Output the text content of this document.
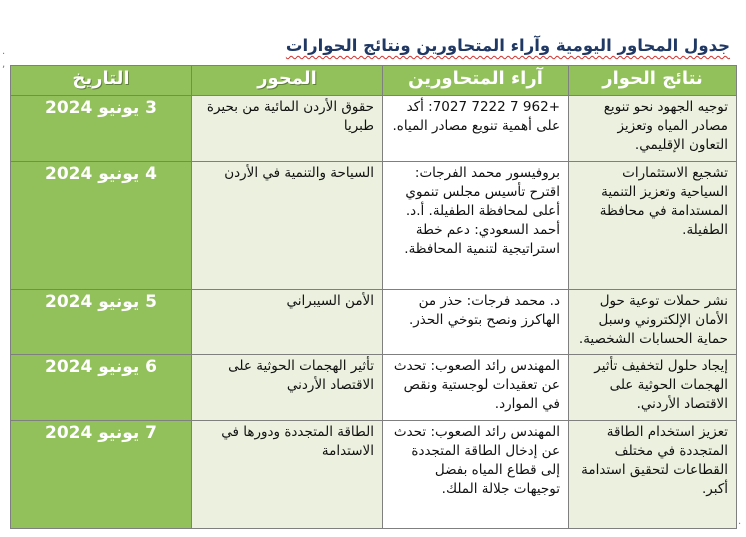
جدول المحاور اليومية وآراء المتحاورين ونتائج الحوارات
·
,
·
نتائج الحوار	آراء المتحاورين	المحور	التاريخ
توجيه الجهود نحو تنويع مصادر المياه وتعزيز التعاون الإقليمي.	+962 7 7222 7027: أكد على أهمية تنويع مصادر المياه.	حقوق الأردن المائية من بحيرة طبريا	3 يونيو 2024
تشجيع الاستثمارات السياحية وتعزيز التنمية المستدامة في محافظة الطفيلة.	بروفيسور محمد الفرجات: اقترح تأسيس مجلس تنموي أعلى لمحافظة الطفيلة. أ.د. أحمد السعودي: دعم خطة استراتيجية لتنمية المحافظة.	السياحة والتنمية في الأردن	4 يونيو 2024
نشر حملات توعية حول الأمان الإلكتروني وسبل حماية الحسابات الشخصية.	د. محمد فرجات: حذر من الهاكرز ونصح بتوخي الحذر.	الأمن السيبراني	5 يونيو 2024
إيجاد حلول لتخفيف تأثير الهجمات الحوثية على الاقتصاد الأردني.	المهندس رائد الصعوب: تحدث عن تعقيدات لوجستية ونقص في الموارد.	تأثير الهجمات الحوثية على الاقتصاد الأردني	6 يونيو 2024
تعزيز استخدام الطاقة المتجددة في مختلف القطاعات لتحقيق استدامة أكبر.	المهندس رائد الصعوب: تحدث عن إدخال الطاقة المتجددة إلى قطاع المياه بفضل توجيهات جلالة الملك.	الطاقة المتجددة ودورها في الاستدامة	7 يونيو 2024
